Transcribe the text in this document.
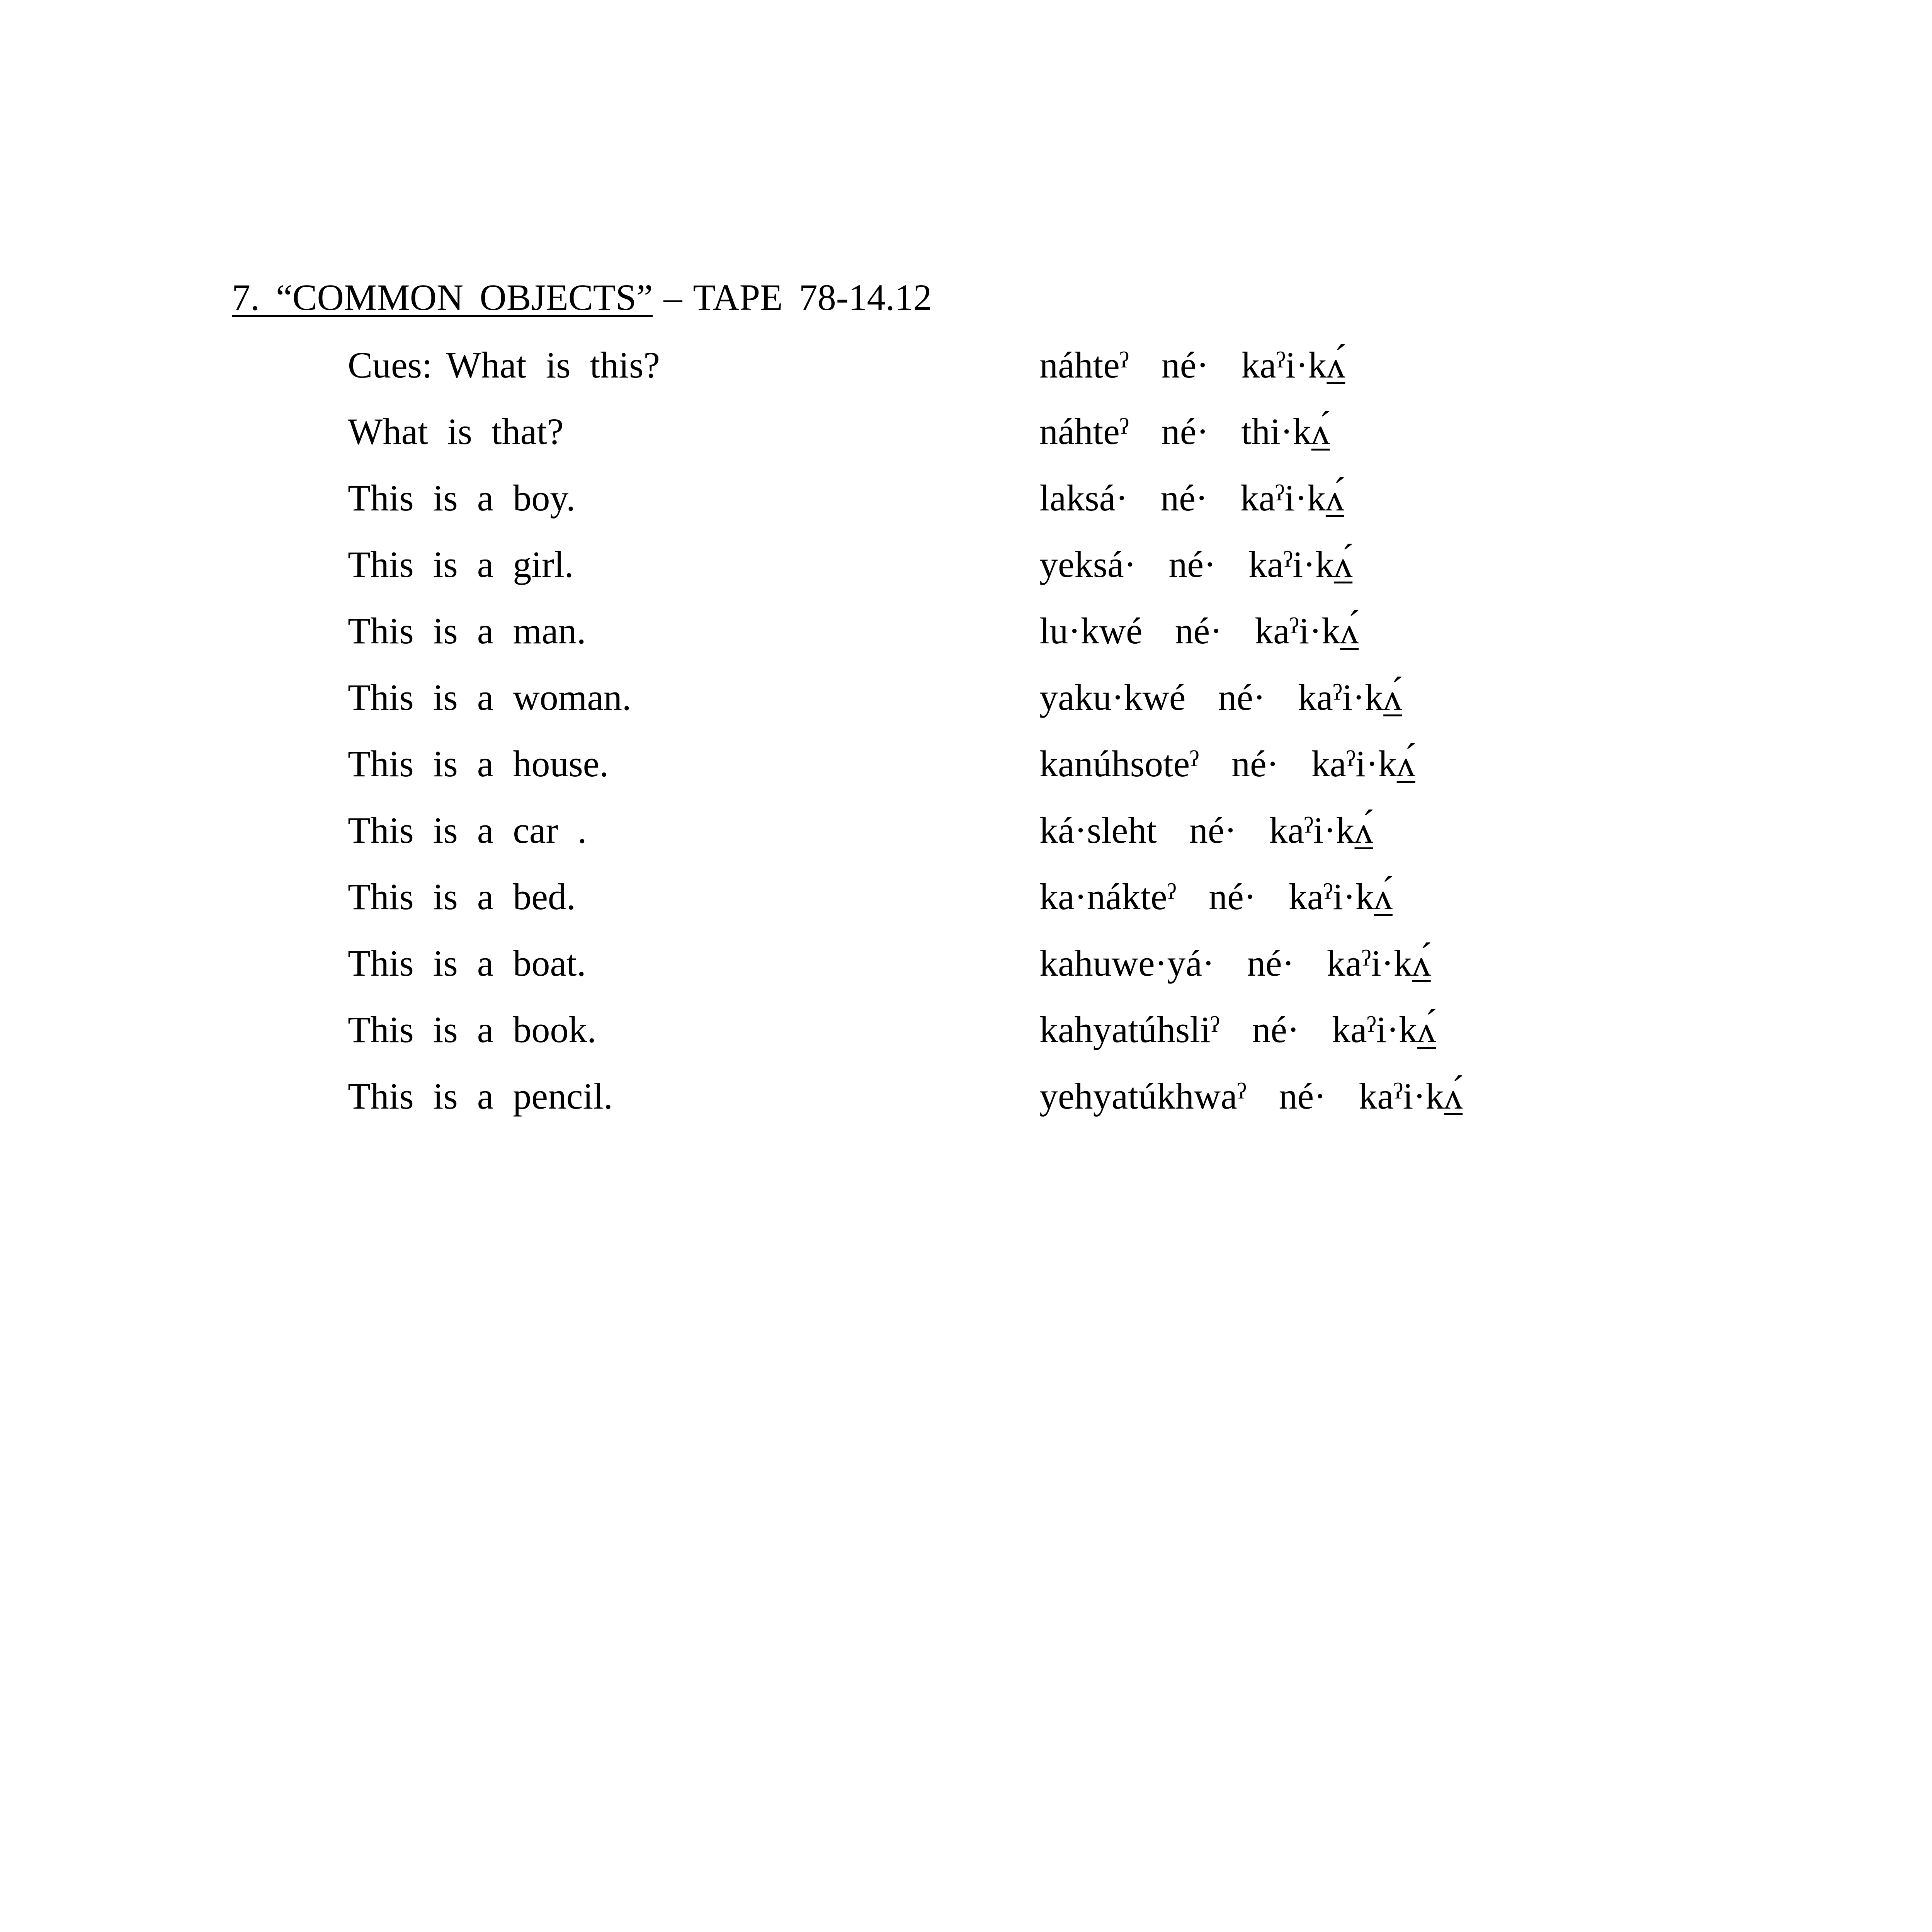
7. “COMMON OBJECTS” – TAPE 78-14.12
Cues: What is this?	náhteˀ né· kaˀi·kʌ́
What is that?	náhteˀ né· thi·kʌ́
This is a boy.	laksá· né· kaˀi·kʌ́
This is a girl.	yeksá· né· kaˀi·kʌ́
This is a man.	lu·kwé né· kaˀi·kʌ́
This is a woman.	yaku·kwé né· kaˀi·kʌ́
This is a house.	kanúhsoteˀ né· kaˀi·kʌ́
This is a car .	ká·sleht né· kaˀi·kʌ́
This is a bed.	ka·nákteˀ né· kaˀi·kʌ́
This is a boat.	kahuwe·yá· né· kaˀi·kʌ́
This is a book.	kahyatúhsliˀ né· kaˀi·kʌ́
This is a pencil.	yehyatúkhwaˀ né· kaˀi·kʌ́
